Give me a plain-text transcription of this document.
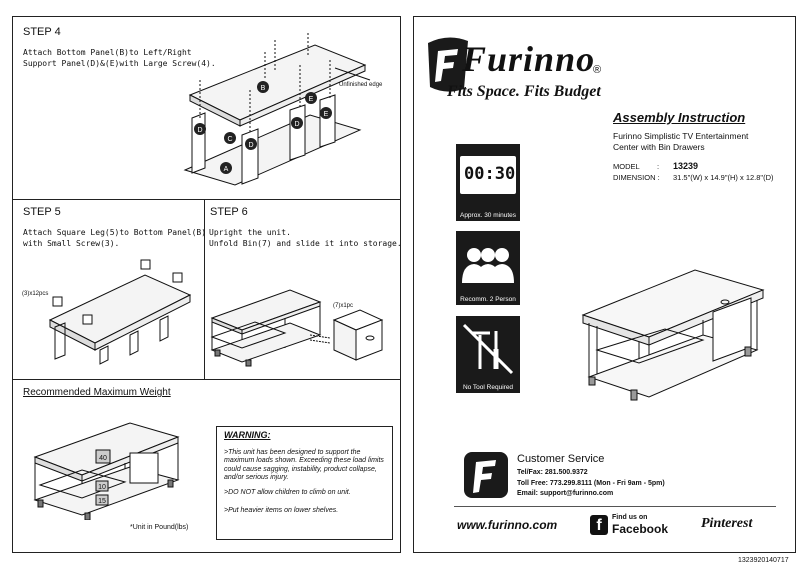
STEP 4
Attach Bottom Panel(B)to Left/Right
Support Panel(D)&(E)with Large Screw(4).
Unfinished edge
B
E
E
D
C
D
D
A
STEP 5
Attach Square Leg(5)to Bottom Panel(B)
with Small Screw(3).
(3)x12pcs
STEP 6
Upright the unit.
Unfold Bin(7) and slide it into storage.
(7)x1pc
Recommended Maximum Weight
40
10
15
*Unit in Pound(lbs)
WARNING:
>This unit has been designed to support the maximum loads shown. Exceeding these load limits could cause sagging, instability, product collapse, and/or serious injury.
>DO NOT allow children to climb on unit.
>Put heavier items on lower shelves.
Furinno
®
Fits Space. Fits Budget
Assembly Instruction
Furinno Simplistic TV Entertainment
Center with Bin Drawers
MODEL : 13239
DIMENSION : 31.5"(W) x 14.9"(H) x 12.8"(D)
00:30
Approx. 30 minutes
Recomm. 2 Person
No Tool Required
Customer Service
Tel/Fax: 281.500.9372
Toll Free: 773.299.8111 (Mon - Fri 9am - 5pm)
Email: support@furinno.com
www.furinno.com	f	Find us on
Facebook Pinterest
1323920140717
